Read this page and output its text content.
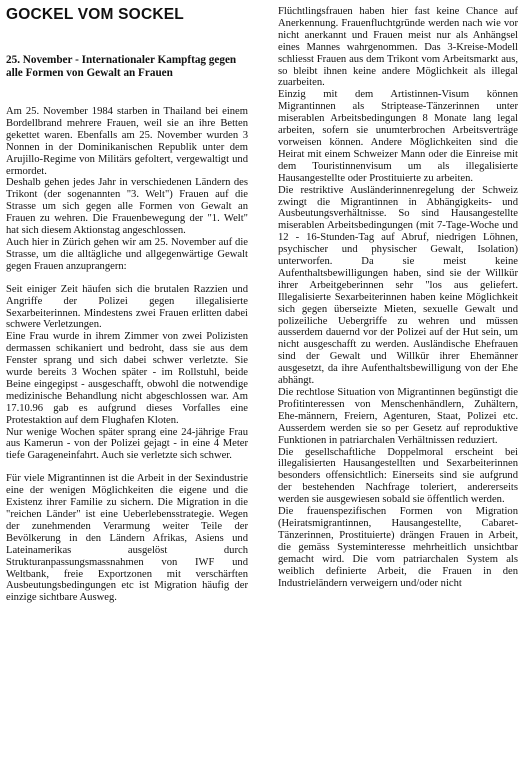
GOCKEL VOM SOCKEL
25. November - Internationaler Kampftag gegen alle Formen von Gewalt an Frauen

Am 25. November 1984 starben in Thailand bei einem Bordellbrand mehrere Frauen, weil sie an ihre Betten gekettet waren. Ebenfalls am 25. November wurden 3 Nonnen in der Dominikanischen Republik unter dem Arujillo-Regime von Militärs gefoltert, vergewaltigt und ermordet.

Deshalb gehen jedes Jahr in verschiedenen Ländern des Trikont (der sogenannten "3. Welt") Frauen auf die Strasse um sich gegen alle Formen von Gewalt an Frauen zu wehren. Die Frauenbewegung der "1. Welt" hat sich diesem Aktionstag angeschlossen.

Auch hier in Zürich gehen wir am 25. November auf die Strasse, um die alltägliche und allgegenwärtige Gewalt gegen Frauen anzuprangern:

Seit einiger Zeit häufen sich die brutalen Razzien und Angriffe der Polizei gegen illegalisierte Sexarbeiterinnen. Mindestens zwei Frauen erlitten dabei schwere Verletzungen.

Eine Frau wurde in ihrem Zimmer von zwei Polizisten dermassen schikaniert und bedroht, dass sie aus dem Fenster sprang und sich dabei schwer verletzte. Sie wurde bereits 3 Wochen später - im Rollstuhl, beide Beine eingegipst - ausgeschafft, obwohl die notwendige medizinische Behandlung nicht abgeschlossen war. Am 17.10.96 gab es aufgrund dieses Vorfalles eine Protestaktion auf dem Flughafen Kloten.

Nur wenige Wochen später sprang eine 24-jährige Frau aus Kamerun - von der Polizei gejagt - in eine 4 Meter tiefe Garageneinfahrt. Auch sie verletzte sich schwer.

Für viele Migrantinnen ist die Arbeit in der Sexindustrie eine der wenigen Möglichkeiten die eigene und die Existenz ihrer Familie zu sichern. Die Migration in die "reichen Länder" ist eine Ueberlebensstrategie. Wegen der zunehmenden Verarmung weiter Teile der Bevölkerung in den Ländern Afrikas, Asiens und Lateinamerikas ausgelöst durch Strukturanpassungsmassnahmen von IWF und Weltbank, freie Exportzonen mit verschärften Ausbeutungsbedingungen etc ist Migration häufig der einzige sichtbare Ausweg.

Flüchtlingsfrauen haben hier fast keine Chance auf Anerkennung. Frauenfluchtgründe werden nach wie vor nicht anerkannt und Frauen meist nur als Anhängsel eines Mannes wahrgenommen. Das 3-Kreise-Modell schliesst Frauen aus dem Trikont vom Arbeitsmarkt aus, so bleibt ihnen keine andere Möglichkeit als illegal zuarbeiten.

Einzig mit dem Artistinnen-Visum können Migrantinnen als Striptease-Tänzerinnen unter miserablen Arbeitsbedingungen 8 Monate lang legal arbeiten, sofern sie unumterbrochen Arbeitsverträge vorweisen können. Andere Möglichkeiten sind die Heirat mit einem Schweizer Mann oder die Einreise mit dem Touristinnenvisum um als illegalisierte Hausangestellte oder Prostituierte zu arbeiten.

Die restriktive Ausländerinnenregelung der Schweiz zwingt die Migrantinnen in Abhängigkeits- und Ausbeutungsverhältnisse. So sind Hausangestellte miserablen Arbeitsbedingungen (mit 7-Tage-Woche und 12 - 16-Stunden-Tag auf Abruf, niedrigen Löhnen, psychischer und physischer Gewalt, Isolation) unterworfen. Da sie meist keine Aufenthaltsbewilligungen haben, sind sie der Willkür ihrer Arbeitgeberinnen sehr "los aus geliefert. Illegalisierte Sexarbeiterinnen haben keine Möglichkeit sich gegen überseizte Mieten, sexuelle Gewalt und polizeiliche Uebergriffe zu wehren und müssen ausserdem dauernd vor der Polizei auf der Hut sein, um nicht ausgeschafft zu werden. Ausländische Ehefrauen sind der Gewalt und Willkür ihrer Ehemänner ausgesetzt, da ihre Aufenthaltsbewilligung von der Ehe abhängt.

Die rechtlose Situation von Migrantinnen begünstigt die Profitinteressen von Menschenhändlern, Zuhältern, Ehe-männern, Freiern, Agenturen, Staat, Polizei etc. Ausserdem werden sie so per Gesetz auf reproduktive Funktionen in patriarchalen Verhältnissen reduziert.

Die gesellschaftliche Doppelmoral erscheint bei illegalisierten Hausangestellten und Sexarbeiterinnen besonders offensichtlich: Einerseits sind sie aufgrund der bestehenden Nachfrage toleriert, andererseits werden sie ausgewiesen sobald sie öffentlich werden.

Die frauenspezifischen Formen von Migration (Heiratsmigrantinnen, Hausangestellte, Cabaret-Tänzerinnen, Prostituierte) drängen Frauen in Arbeit, die gemäss Systeminteresse mehrheitlich unsichtbar gemacht wird. Die vom patriarchalen System als weiblich definierte Arbeit, die Frauen in den Industrieländern verweigern und/oder nicht
